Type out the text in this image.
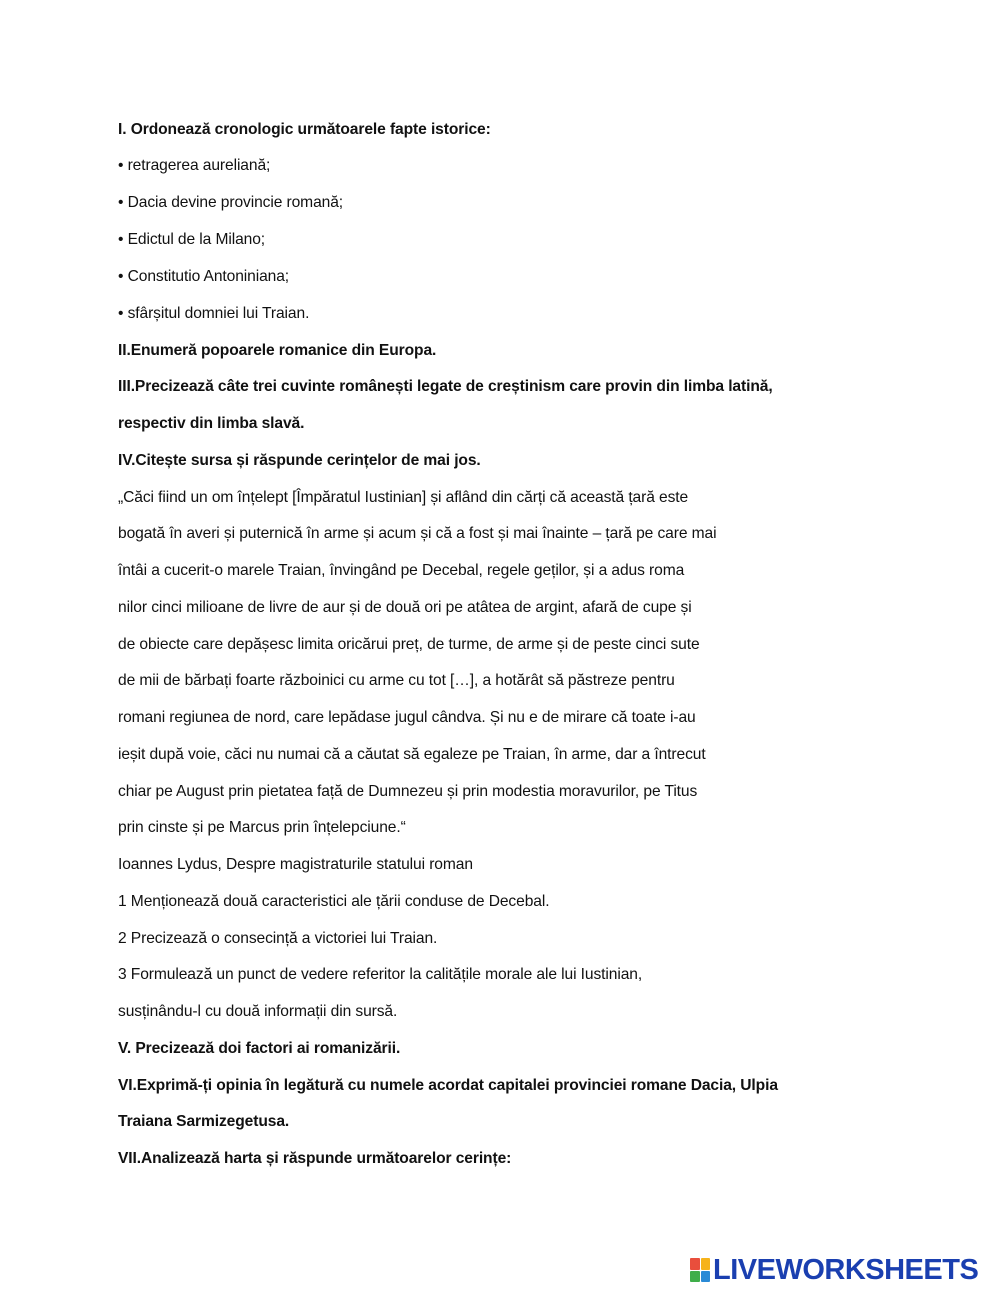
I. Ordonează cronologic următoarele fapte istorice:

• retragerea aureliană;

• Dacia devine provincie romană;

• Edictul de la Milano;

• Constitutio Antoniniana;

• sfârșitul domniei lui Traian.

II.Enumeră popoarele romanice din Europa.

III.Precizează câte trei cuvinte românești legate de creștinism care provin din limba latină,

respectiv din limba slavă.

IV.Citește sursa și răspunde cerințelor de mai jos.

„Căci fiind un om înțelept [Împăratul Iustinian] și aflând din cărți că această țară este

bogată în averi și puternică în arme și acum și că a fost și mai înainte – țară pe care mai

întâi a cucerit-o marele Traian, învingând pe Decebal, regele geților, și a adus roma

nilor cinci milioane de livre de aur și de două ori pe atâtea de argint, afară de cupe și

de obiecte care depășesc limita oricărui preț, de turme, de arme și de peste cinci sute

de mii de bărbați foarte războinici cu arme cu tot […], a hotărât să păstreze pentru

romani regiunea de nord, care lepădase jugul cândva. Și nu e de mirare că toate i-au

ieșit după voie, căci nu numai că a căutat să egaleze pe Traian, în arme, dar a întrecut

chiar pe August prin pietatea față de Dumnezeu și prin modestia moravurilor, pe Titus

prin cinste și pe Marcus prin înțelepciune.“

Ioannes Lydus, Despre magistraturile statului roman

1 Menționează două caracteristici ale țării conduse de Decebal.

2 Precizează o consecință a victoriei lui Traian.

3 Formulează un punct de vedere referitor la calitățile morale ale lui Iustinian,

susținându-l cu două informații din sursă.

V. Precizează doi factori ai romanizării.

VI.Exprimă-ți opinia în legătură cu numele acordat capitalei provinciei romane Dacia, Ulpia

Traiana Sarmizegetusa.

VII.Analizează harta și răspunde următoarelor cerințe:

LIVEWORKSHEETS
